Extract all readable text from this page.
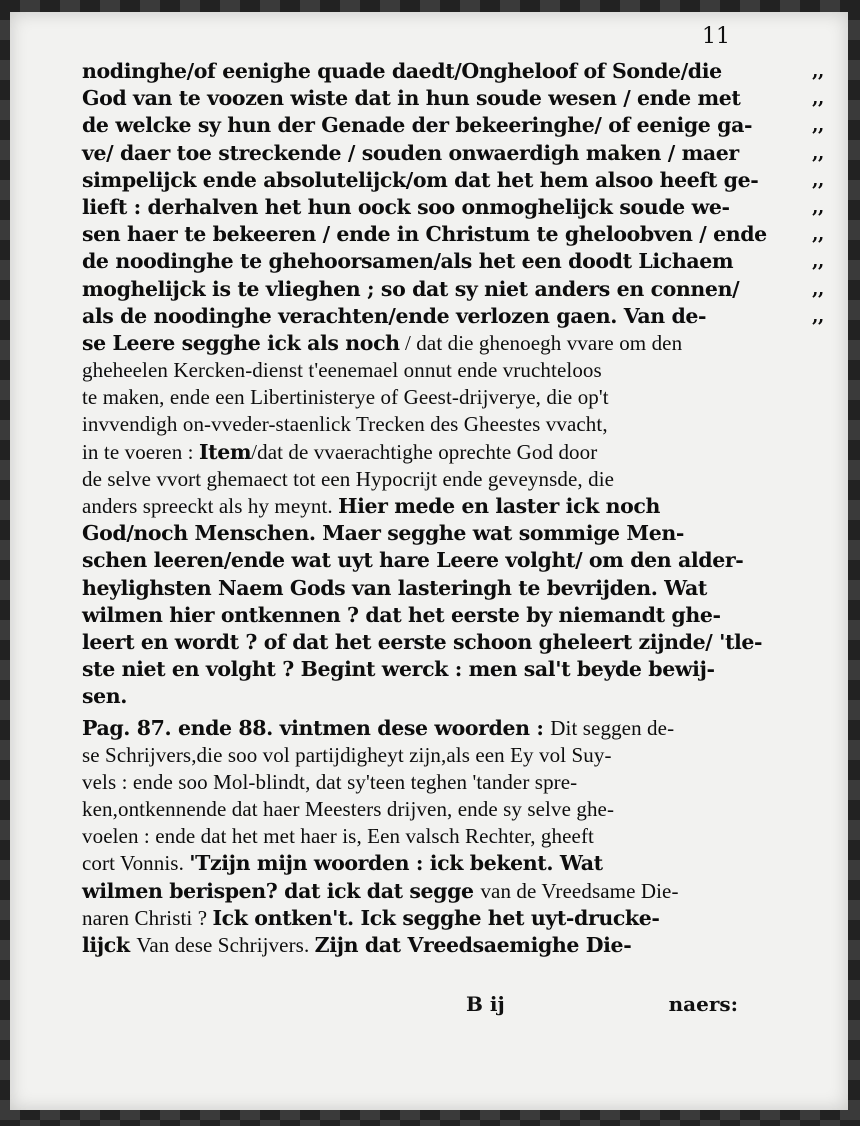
11
nodinghe/of eenighe quade daedt/Ongheloof of Sonde/die	,,
God van te voozen wiste dat in hun soude wesen / ende met	,,
de welcke sy hun der Genade der bekeeringhe/ of eenige ga-	,,
ve/ daer toe streckende / souden onwaerdigh maken / maer	,,
simpelijck ende absolutelijck/om dat het hem alsoo heeft ge-	,,
lieft : derhalven het hun oock soo onmoghelijck soude we-	,,
sen haer te bekeeren / ende in Christum te gheloobven / ende	,,
de noodinghe te ghehoorsamen/als het een doodt Lichaem	,,
moghelijck is te vlieghen ; so dat sy niet anders en connen/	,,
als de noodinghe verachten/ende verlozen gaen. Van de-	,,
se Leere segghe ick als noch / dat die ghenoegh vvare om den
gheheelen Kercken-dienst t'eenemael onnut ende vruchteloos
te maken, ende een Libertinisterye of Geest-drijverye, die op't
invvendigh on-vveder-staenlick Trecken des Gheestes vvacht,
in te voeren : Item/dat de vvaerachtighe oprechte God door
de selve vvort ghemaect tot een Hypocrijt ende geveynsde, die
anders spreeckt als hy meynt. Hier mede en laster ick noch
God/noch Menschen. Maer segghe wat sommige Men-
schen leeren/ende wat uyt hare Leere volght/ om den alder-
heylighsten Naem Gods van lasteringh te bevrijden. Wat
wilmen hier ontkennen ? dat het eerste by niemandt ghe-
leert en wordt ? of dat het eerste schoon gheleert zijnde/ 'tle-
ste niet en volght ? Begint werck : men sal't beyde bewij-
sen.
Pag. 87. ende 88. vintmen dese woorden : Dit seggen de-
se Schrijvers,die soo vol partijdigheyt zijn,als een Ey vol Suy-
vels : ende soo Mol-blindt, dat sy'teen teghen 'tander spre-
ken,ontkennende dat haer Meesters drijven, ende sy selve ghe-
voelen : ende dat het met haer is, Een valsch Rechter, gheeft
cort Vonnis. 'Tzijn mijn woorden : ick bekent. Wat
wilmen berispen? dat ick dat segge van de Vreedsame Die-
naren Christi ? Ick ontken't. Ick segghe het uyt-drucke-
lijck Van dese Schrijvers. Zijn dat Vreedsaemighe Die-
B ij	naers:
